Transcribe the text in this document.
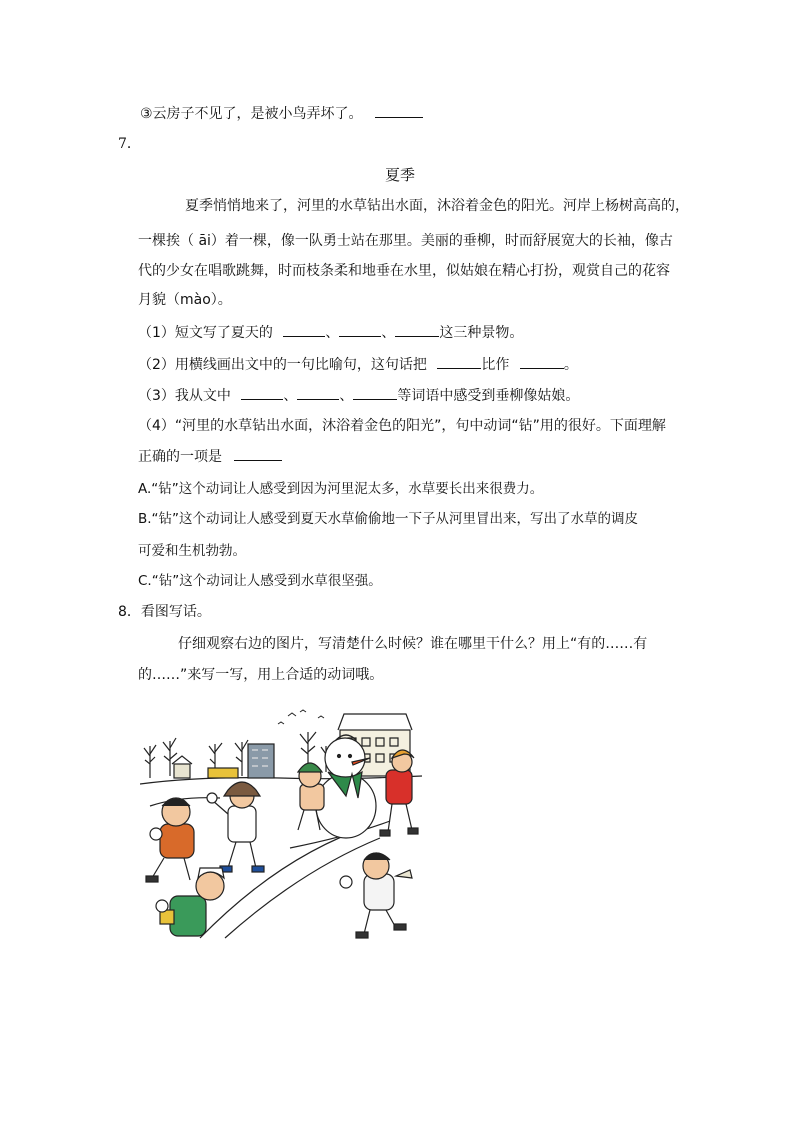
③云房子不见了，是被小鸟弄坏了。
7．
夏季
夏季悄悄地来了，河里的水草钻出水面，沐浴着金色的阳光。河岸上杨树高高的，
一棵挨（ āi）着一棵，像一队勇士站在那里。美丽的垂柳，时而舒展宽大的长袖，像古
代的少女在唱歌跳舞，时而枝条柔和地垂在水里，似姑娘在精心打扮，观赏自己的花容
月貌（mào）。
（1）短文写了夏天的	、	、	这三种景物。
（2）用横线画出文中的一句比喻句，这句话把	比作	。
（3）我从文中	、	、	等词语中感受到垂柳像姑娘。
（4）“河里的水草钻出水面，沐浴着金色的阳光”，句中动词“钻”用的很好。下面理解
正确的一项是
A.“钻”这个动词让人感受到因为河里泥太多，水草要长出来很费力。
B.“钻”这个动词让人感受到夏天水草偷偷地一下子从河里冒出来，写出了水草的调皮
可爱和生机勃勃。
C.“钻”这个动词让人感受到水草很坚强。
8．看图写话。
仔细观察右边的图片，写清楚什么时候？谁在哪里干什么？用上“有的……有
的……”来写一写，用上合适的动词哦。
